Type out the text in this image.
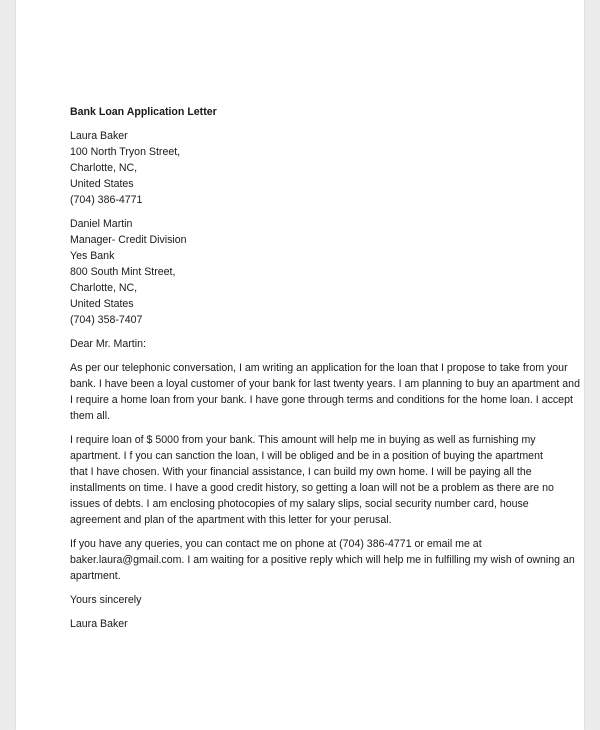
Bank Loan Application Letter
Laura Baker
100 North Tryon Street,
Charlotte, NC,
United States
(704) 386-4771
Daniel Martin
Manager- Credit Division
Yes Bank
800 South Mint Street,
Charlotte, NC,
United States
(704) 358-7407
Dear Mr. Martin:
As per our telephonic conversation, I am writing an application for the loan that I propose to take from your
bank. I have been a loyal customer of your bank for last twenty years. I am planning to buy an apartment and
I require a home loan from your bank. I have gone through terms and conditions for the home loan. I accept
them all.
I require loan of $ 5000 from your bank. This amount will help me in buying as well as furnishing my
apartment. I f you can sanction the loan, I will be obliged and be in a position of buying the apartment
that I have chosen. With your financial assistance, I can build my own home. I will be paying all the
installments on time. I have a good credit history, so getting a loan will not be a problem as there are no
issues of debts. I am enclosing photocopies of my salary slips, social security number card, house
agreement and plan of the apartment with this letter for your perusal.
If you have any queries, you can contact me on phone at (704) 386-4771 or email me at
baker.laura@gmail.com. I am waiting for a positive reply which will help me in fulfilling my wish of owning an
apartment.
Yours sincerely
Laura Baker
